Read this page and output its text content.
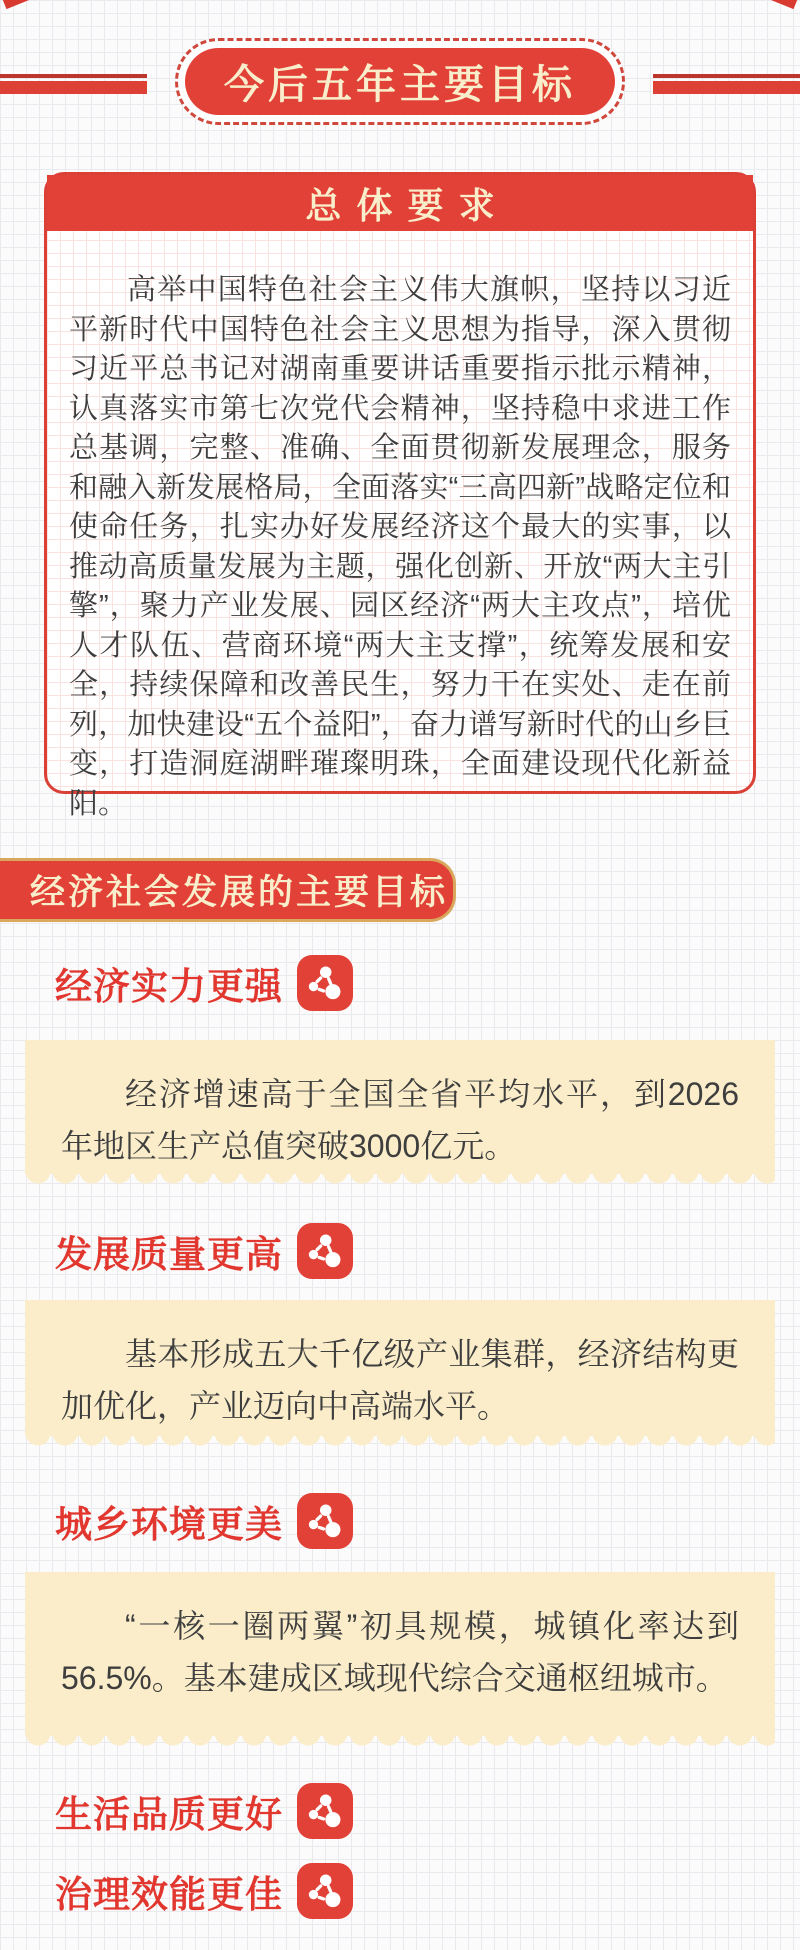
今后五年主要目标
总体要求
高举中国特色社会主义伟大旗帜，坚持以习近平新时代中国特色社会主义思想为指导，深入贯彻习近平总书记对湖南重要讲话重要指示批示精神，认真落实市第七次党代会精神，坚持稳中求进工作总基调，完整、准确、全面贯彻新发展理念，服务和融入新发展格局，全面落实“三高四新”战略定位和使命任务，扎实办好发展经济这个最大的实事，以推动高质量发展为主题，强化创新、开放“两大主引擎”，聚力产业发展、园区经济“两大主攻点”，培优人才队伍、营商环境“两大主支撑”，统筹发展和安全，持续保障和改善民生，努力干在实处、走在前列，加快建设“五个益阳”，奋力谱写新时代的山乡巨变，打造洞庭湖畔璀璨明珠，全面建设现代化新益阳。
经济社会发展的主要目标
经济实力更强
经济增速高于全国全省平均水平，到2026年地区生产总值突破3000亿元。
发展质量更高
基本形成五大千亿级产业集群，经济结构更加优化，产业迈向中高端水平。
城乡环境更美
“一核一圈两翼”初具规模，城镇化率达到56.5%。基本建成区域现代综合交通枢纽城市。
生活品质更好
治理效能更佳
